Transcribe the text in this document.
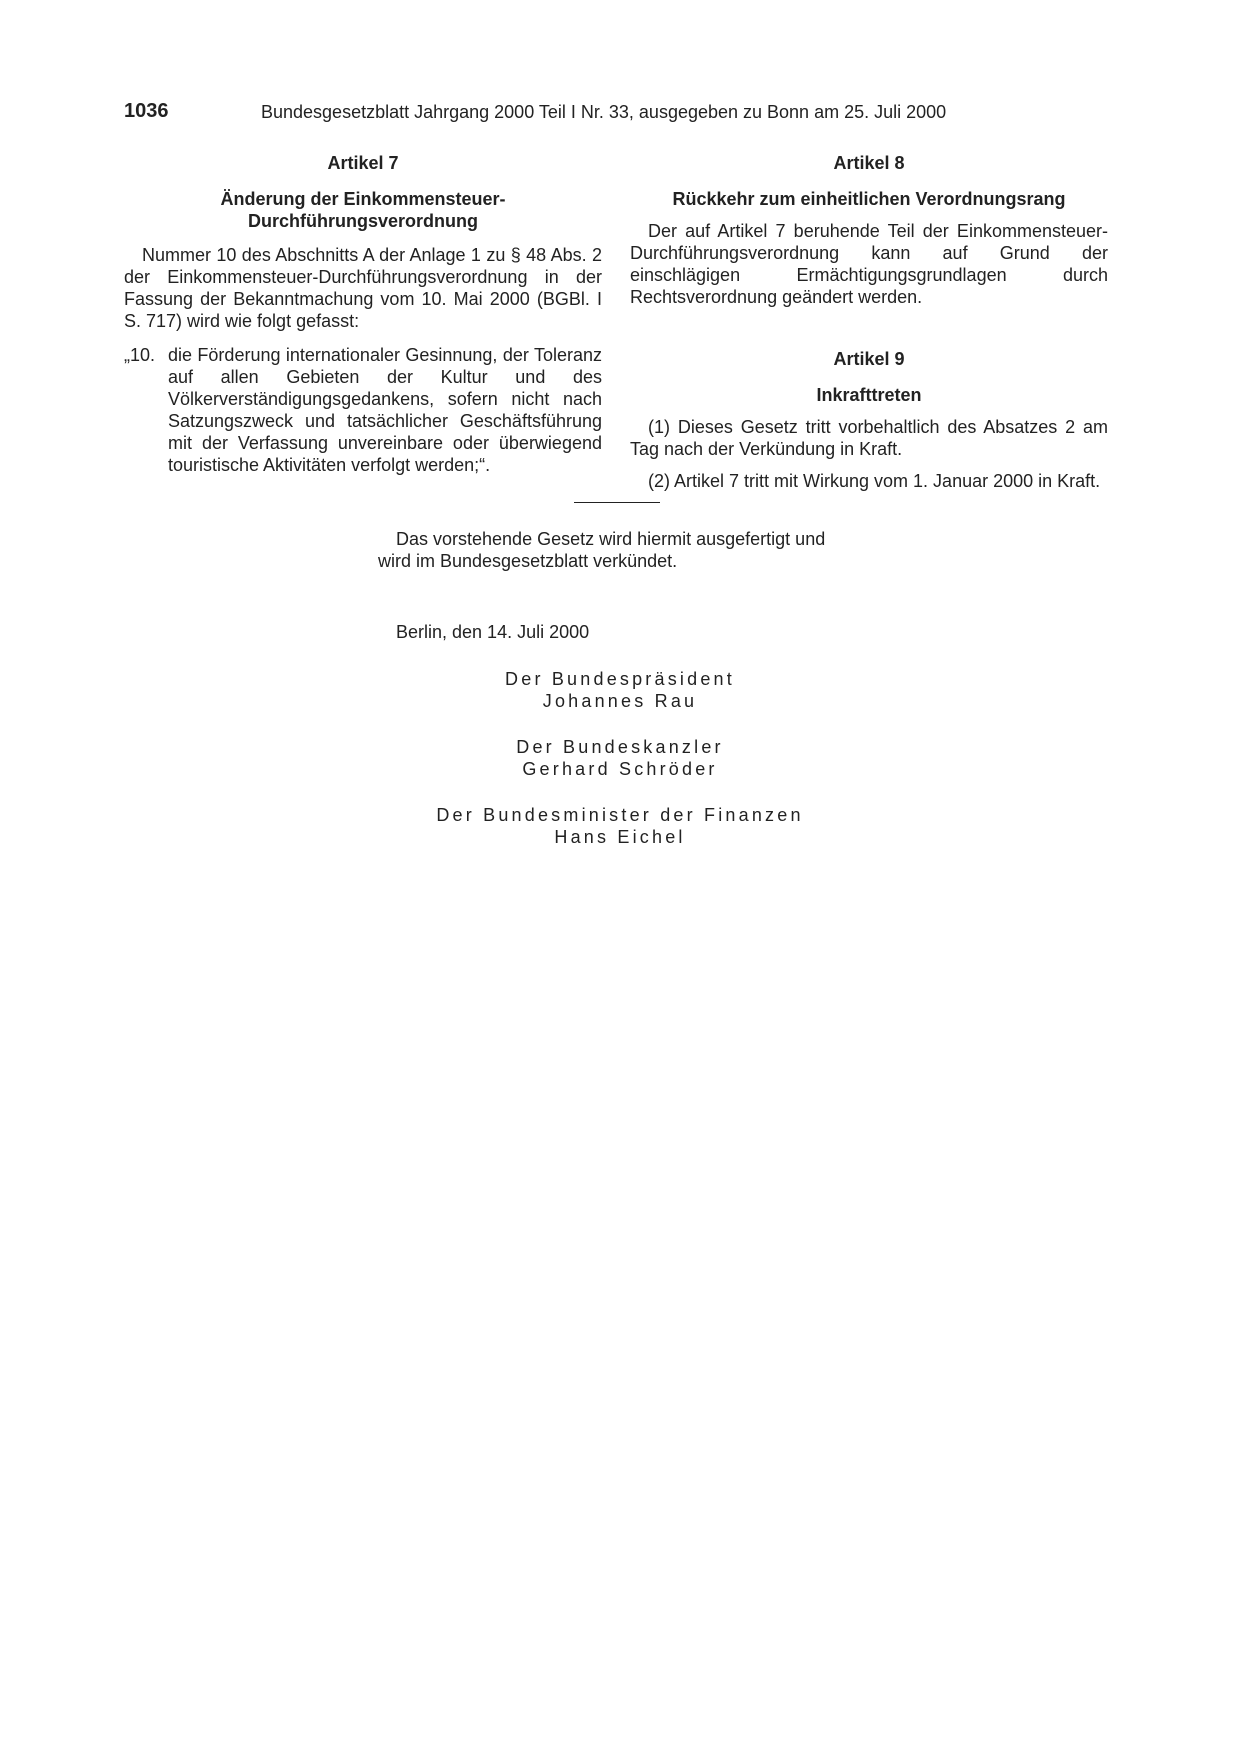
1036	Bundesgesetzblatt Jahrgang 2000 Teil I Nr. 33, ausgegeben zu Bonn am 25. Juli 2000

Artikel 7

Änderung der Einkommensteuer-

Durchführungsverordnung

Nummer 10 des Abschnitts A der Anlage 1 zu § 48 Abs. 2 der Einkommensteuer-Durchführungsverordnung in der Fassung der Bekanntmachung vom 10. Mai 2000 (BGBl. I S. 717) wird wie folgt gefasst:

„10. die Förderung internationaler Gesinnung, der Toleranz auf allen Gebieten der Kultur und des Völkerverständigungsgedankens, sofern nicht nach Satzungszweck und tatsächlicher Geschäftsführung mit der Verfassung unvereinbare oder überwiegend touristische Aktivitäten verfolgt werden;“.

Artikel 8

Rückkehr zum einheitlichen Verordnungsrang

Der auf Artikel 7 beruhende Teil der Einkommensteuer-Durchführungsverordnung kann auf Grund der einschlägigen Ermächtigungsgrundlagen durch Rechtsverordnung geändert werden.

Artikel 9

Inkrafttreten

(1) Dieses Gesetz tritt vorbehaltlich des Absatzes 2 am Tag nach der Verkündung in Kraft.

(2) Artikel 7 tritt mit Wirkung vom 1. Januar 2000 in Kraft.

Das vorstehende Gesetz wird hiermit ausgefertigt und wird im Bundesgesetzblatt verkündet.

Berlin, den 14. Juli 2000
Der Bundespräsident
Johannes Rau
Der Bundeskanzler
Gerhard Schröder
Der Bundesminister der Finanzen
Hans Eichel
